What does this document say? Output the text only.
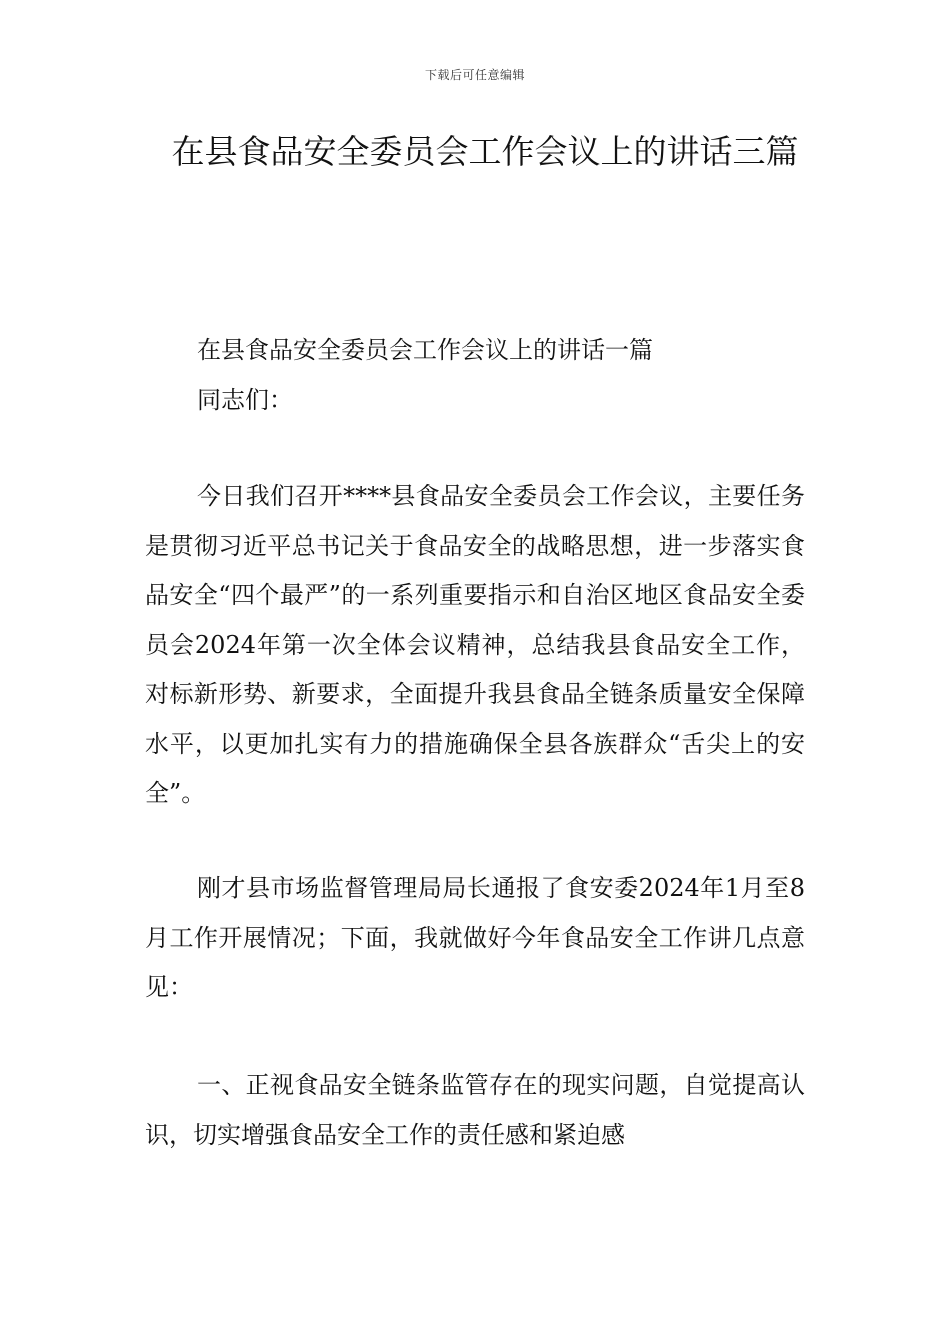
下载后可任意编辑
在县食品安全委员会工作会议上的讲话三篇

在县食品安全委员会工作会议上的讲话一篇

同志们：

今日我们召开****县食品安全委员会工作会议，主要任务是贯彻习近平总书记关于食品安全的战略思想，进一步落实食品安全“四个最严”的一系列重要指示和自治区地区食品安全委员会2024年第一次全体会议精神，总结我县食品安全工作，对标新形势、新要求，全面提升我县食品全链条质量安全保障水平，以更加扎实有力的措施确保全县各族群众“舌尖上的安全”。

刚才县市场监督管理局局长通报了食安委2024年1月至8月工作开展情况；下面，我就做好今年食品安全工作讲几点意见：

一、正视食品安全链条监管存在的现实问题，自觉提高认识，切实增强食品安全工作的责任感和紧迫感
